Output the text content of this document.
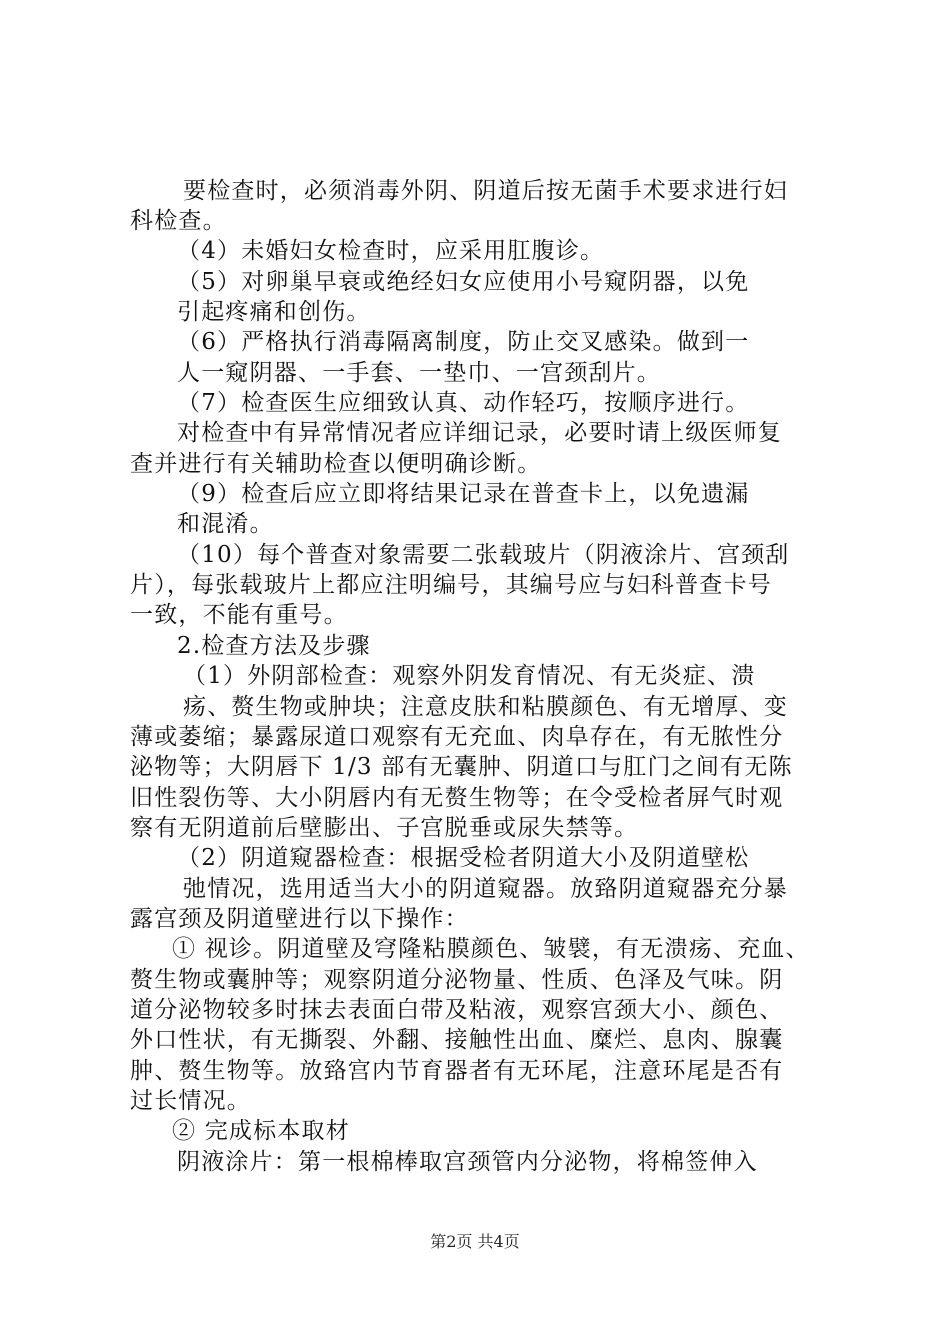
要检查时，必须消毒外阴、阴道后按无菌手术要求进行妇
科检查。
（4）未婚妇女检查时，应采用肛腹诊。
（5）对卵巢早衰或绝经妇女应使用小号窥阴器，以免
引起疼痛和创伤。
（6）严格执行消毒隔离制度，防止交叉感染。做到一
人一窥阴器、一手套、一垫巾、一宫颈刮片。
（7）检查医生应细致认真、动作轻巧，按顺序进行。
对检查中有异常情况者应详细记录，必要时请上级医师复
查并进行有关辅助检查以便明确诊断。
（9）检查后应立即将结果记录在普查卡上，以免遗漏
和混淆。
（10）每个普查对象需要二张载玻片（阴液涂片、宫颈刮
片），每张载玻片上都应注明编号，其编号应与妇科普查卡号
一致，不能有重号。
2.检查方法及步骤
（1）外阴部检查：观察外阴发育情况、有无炎症、溃
疡、赘生物或肿块；注意皮肤和粘膜颜色、有无增厚、变
薄或萎缩；暴露尿道口观察有无充血、肉阜存在，有无脓性分
泌物等；大阴唇下 1/3 部有无囊肿、阴道口与肛门之间有无陈
旧性裂伤等、大小阴唇内有无赘生物等；在令受检者屏气时观
察有无阴道前后壁膨出、子宫脱垂或尿失禁等。
（2）阴道窥器检查：根据受检者阴道大小及阴道壁松
弛情况，选用适当大小的阴道窥器。放臵阴道窥器充分暴
露宫颈及阴道壁进行以下操作：
① 视诊。阴道壁及穹隆粘膜颜色、皱襞，有无溃疡、充血、
赘生物或囊肿等；观察阴道分泌物量、性质、色泽及气味。阴
道分泌物较多时抹去表面白带及粘液，观察宫颈大小、颜色、
外口性状，有无撕裂、外翻、接触性出血、糜烂、息肉、腺囊
肿、赘生物等。放臵宫内节育器者有无环尾，注意环尾是否有
过长情况。
② 完成标本取材
阴液涂片：第一根棉棒取宫颈管内分泌物，将棉签伸入
第2页 共4页
